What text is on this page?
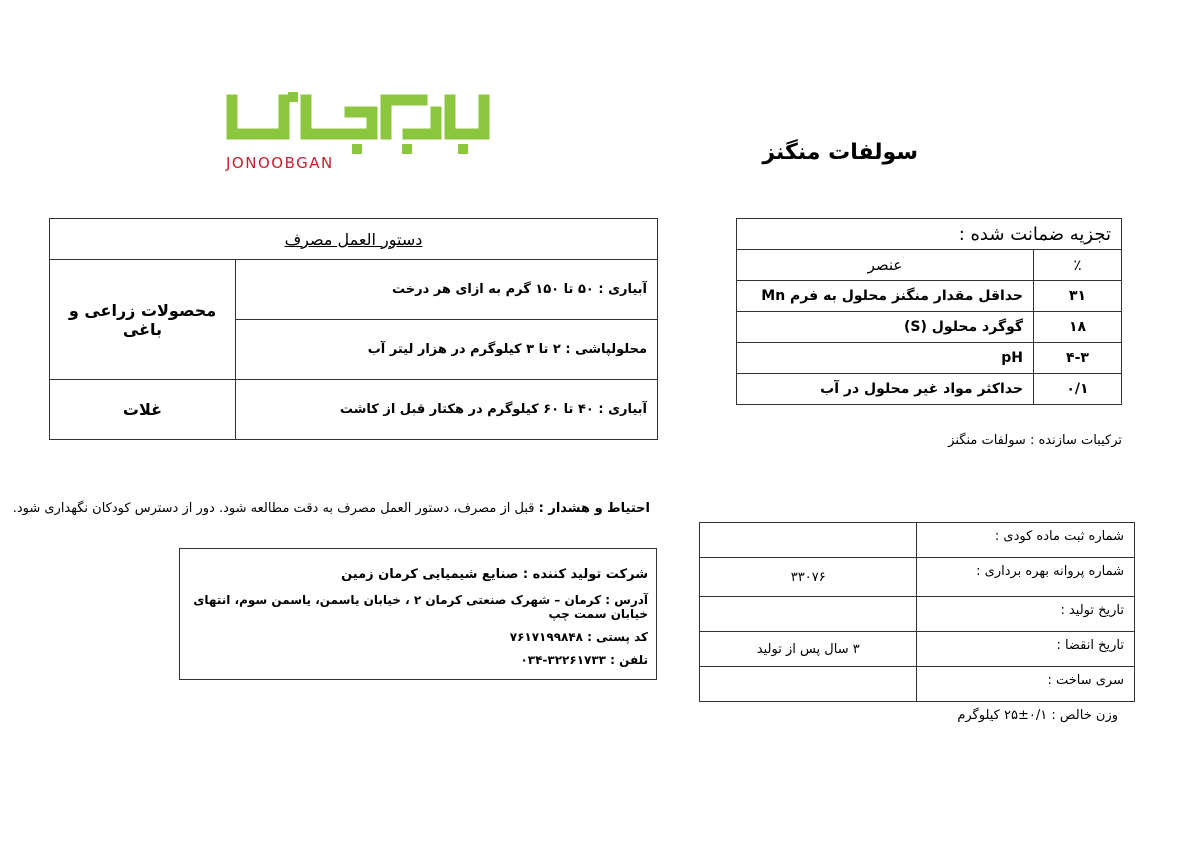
JONOOBGAN	سولفات منگنز
تجزیه ضمانت شده :	
عنصر	٪
حداقل مقدار منگنز محلول به فرم Mn	۳۱
گوگرد محلول (S)	۱۸
pH	۴-۳
حداکثر مواد غیر محلول در آب	۰/۱
ترکیبات سازنده : سولفات منگنز
دستور العمل مصرف	
محصولات زراعی و باغی	آبیاری : ۵۰ تا ۱۵۰ گرم به ازای هر درخت
	محلولپاشی : ۲ تا ۳ کیلوگرم در هزار لیتر آب
غلات	آبیاری : ۴۰ تا ۶۰ کیلوگرم در هکتار قبل از کاشت
احتیاط و هشدار : قبل از مصرف، دستور العمل مصرف به دقت مطالعه شود. دور از دسترس کودکان نگهداری شود.
شرکت تولید کننده : صنایع شیمیایی کرمان زمین
آدرس : کرمان – شهرک صنعتی کرمان ۲ ، خیابان یاسمن، یاسمن سوم، انتهای خیابان سمت چپ
کد پستی : ۷۶۱۷۱۹۹۸۴۸
تلفن : ۳۲۲۶۱۷۳۳-۰۳۴
	شماره ثبت ماده کودی :
۳۳۰۷۶	شماره پروانه بهره برداری :
	تاریخ تولید :
۳ سال پس از تولید	تاریخ انقضا :
	سری ساخت :
وزن خالص : ۰/۱±۲۵ کیلوگرم
